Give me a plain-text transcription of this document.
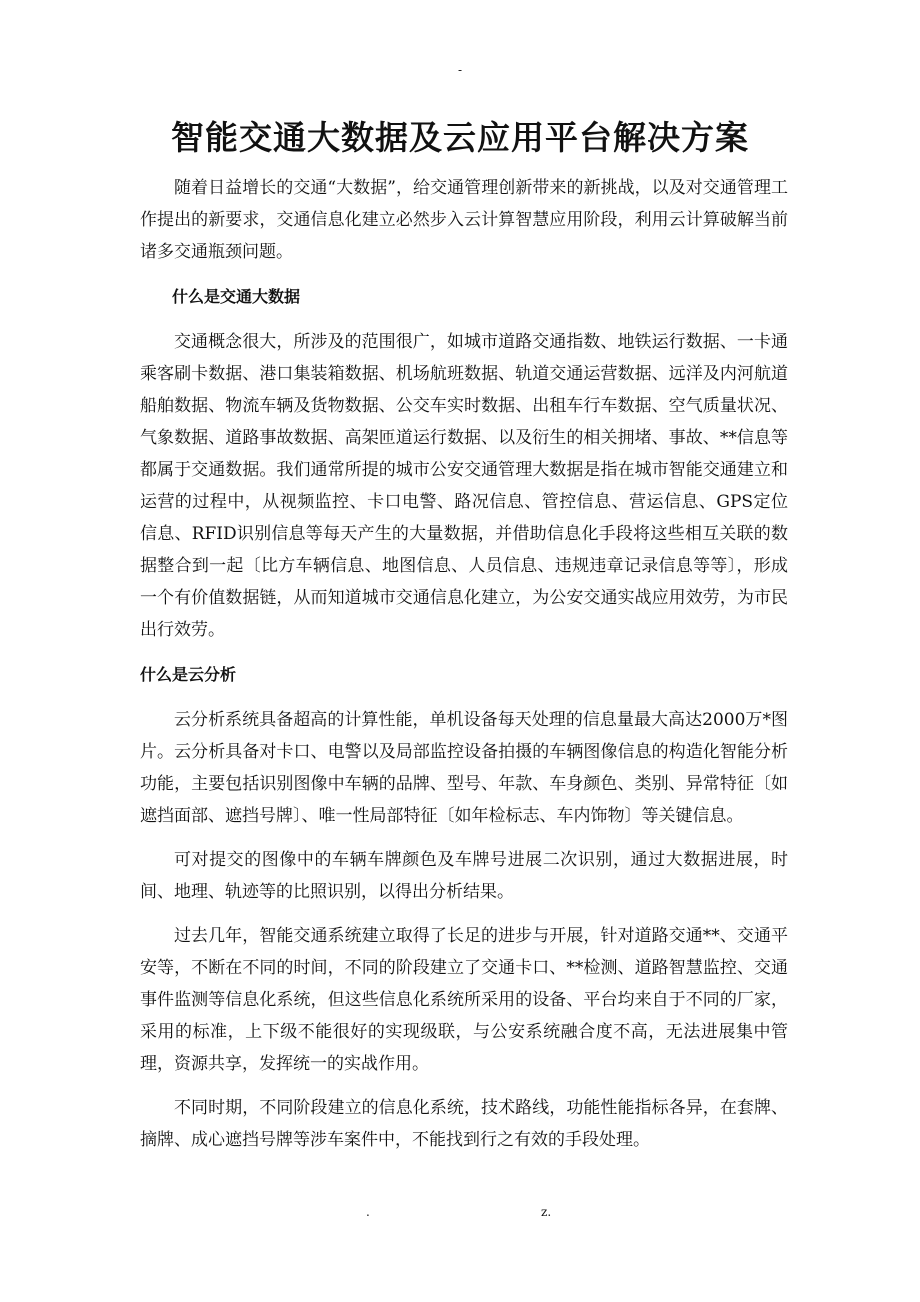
-
智能交通大数据及云应用平台解决方案

随着日益增长的交通“大数据”，给交通管理创新带来的新挑战，以及对交通管理工作提出的新要求，交通信息化建立必然步入云计算智慧应用阶段，利用云计算破解当前诸多交通瓶颈问题。

什么是交通大数据

交通概念很大，所涉及的范围很广，如城市道路交通指数、地铁运行数据、一卡通乘客刷卡数据、港口集装箱数据、机场航班数据、轨道交通运营数据、远洋及内河航道船舶数据、物流车辆及货物数据、公交车实时数据、出租车行车数据、空气质量状况、气象数据、道路事故数据、高架匝道运行数据、以及衍生的相关拥堵、事故、**信息等都属于交通数据。我们通常所提的城市公安交通管理大数据是指在城市智能交通建立和运营的过程中，从视频监控、卡口电警、路况信息、管控信息、营运信息、GPS定位信息、RFID识别信息等每天产生的大量数据，并借助信息化手段将这些相互关联的数据整合到一起〔比方车辆信息、地图信息、人员信息、违规违章记录信息等等〕，形成一个有价值数据链，从而知道城市交通信息化建立，为公安交通实战应用效劳，为市民出行效劳。

什么是云分析

云分析系统具备超高的计算性能，单机设备每天处理的信息量最大高达2000万*图片。云分析具备对卡口、电警以及局部监控设备拍摄的车辆图像信息的构造化智能分析功能，主要包括识别图像中车辆的品牌、型号、年款、车身颜色、类别、异常特征〔如遮挡面部、遮挡号牌〕、唯一性局部特征〔如年检标志、车内饰物〕等关键信息。

可对提交的图像中的车辆车牌颜色及车牌号进展二次识别，通过大数据进展，时间、地理、轨迹等的比照识别，以得出分析结果。

过去几年，智能交通系统建立取得了长足的进步与开展，针对道路交通**、交通平安等，不断在不同的时间，不同的阶段建立了交通卡口、**检测、道路智慧监控、交通事件监测等信息化系统，但这些信息化系统所采用的设备、平台均来自于不同的厂家，采用的标准，上下级不能很好的实现级联，与公安系统融合度不高，无法进展集中管理，资源共享，发挥统一的实战作用。

不同时期，不同阶段建立的信息化系统，技术路线，功能性能指标各异，在套牌、摘牌、成心遮挡号牌等涉车案件中，不能找到行之有效的手段处理。

.	z.
